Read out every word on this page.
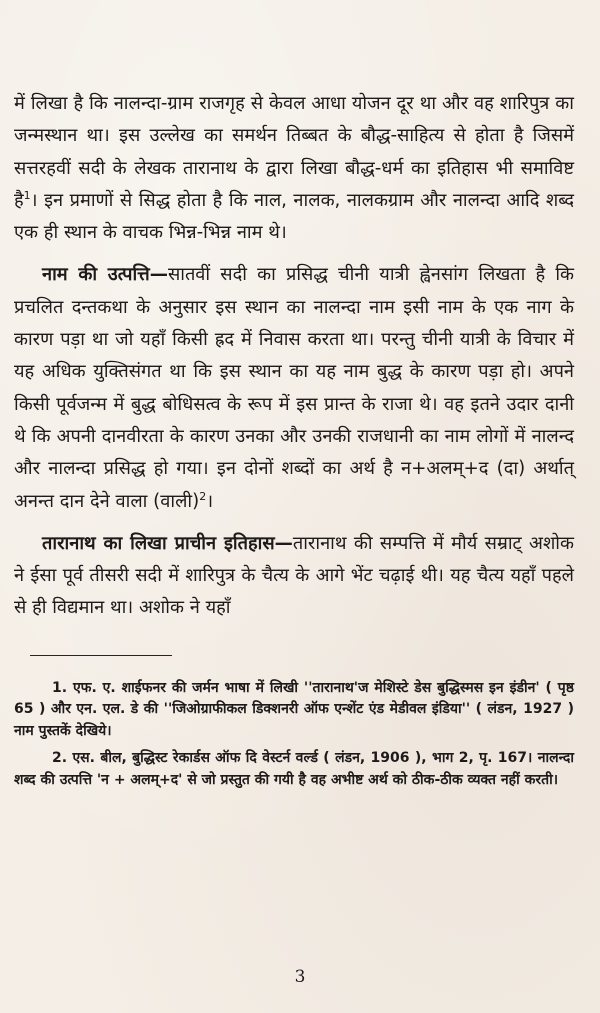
में लिखा है कि नालन्दा-ग्राम राजगृह से केवल आधा योजन दूर था और वह शारिपुत्र का जन्मस्थान था। इस उल्लेख का समर्थन तिब्बत के बौद्ध-साहित्य से होता है जिसमें सत्तरहवीं सदी के लेखक तारानाथ के द्वारा लिखा बौद्ध-धर्म का इतिहास भी समाविष्ट है$^1$। इन प्रमाणों से सिद्ध होता है कि नाल, नालक, नालकग्राम और नालन्दा आदि शब्द एक ही स्थान के वाचक भिन्न-भिन्न नाम थे।

नाम की उत्पत्ति—सातवीं सदी का प्रसिद्ध चीनी यात्री ह्वेनसांग लिखता है कि प्रचलित दन्तकथा के अनुसार इस स्थान का नालन्दा नाम इसी नाम के एक नाग के कारण पड़ा था जो यहाँ किसी ह्रद में निवास करता था। परन्तु चीनी यात्री के विचार में यह अधिक युक्तिसंगत था कि इस स्थान का यह नाम बुद्ध के कारण पड़ा हो। अपने किसी पूर्वजन्म में बुद्ध बोधिसत्व के रूप में इस प्रान्त के राजा थे। वह इतने उदार दानी थे कि अपनी दानवीरता के कारण उनका और उनकी राजधानी का नाम लोगों में नालन्द और नालन्दा प्रसिद्ध हो गया। इन दोनों शब्दों का अर्थ है न+अलम्+द (दा) अर्थात् अनन्त दान देने वाला (वाली)$^2$।

तारानाथ का लिखा प्राचीन इतिहास—तारानाथ की सम्पत्ति में मौर्य सम्राट् अशोक ने ईसा पूर्व तीसरी सदी में शारिपुत्र के चैत्य के आगे भेंट चढ़ाई थी। यह चैत्य यहाँ पहले से ही विद्यमान था। अशोक ने यहाँ

1. एफ. ए. शाईफनर की जर्मन भाषा में लिखी ''तारानाथ'ज मेशिस्टे डेस बुद्धिस्मस इन इंडीन' ( पृष्ठ 65 ) और एन. एल. डे की ''जिओग्राफीकल डिक्शनरी ऑफ एन्शेंट एंड मेडीवल इंडिया'' ( लंडन, 1927 ) नाम पुस्तकें देखिये।

2. एस. बील, बुद्धिस्ट रेकार्डस ऑफ दि वेस्टर्न वर्ल्ड ( लंडन, 1906 ), भाग 2, पृ. 167। नालन्दा शब्द की उत्पत्ति 'न + अलम्+द' से जो प्रस्तुत की गयी है वह अभीष्ट अर्थ को ठीक-ठीक व्यक्त नहीं करती।

3
